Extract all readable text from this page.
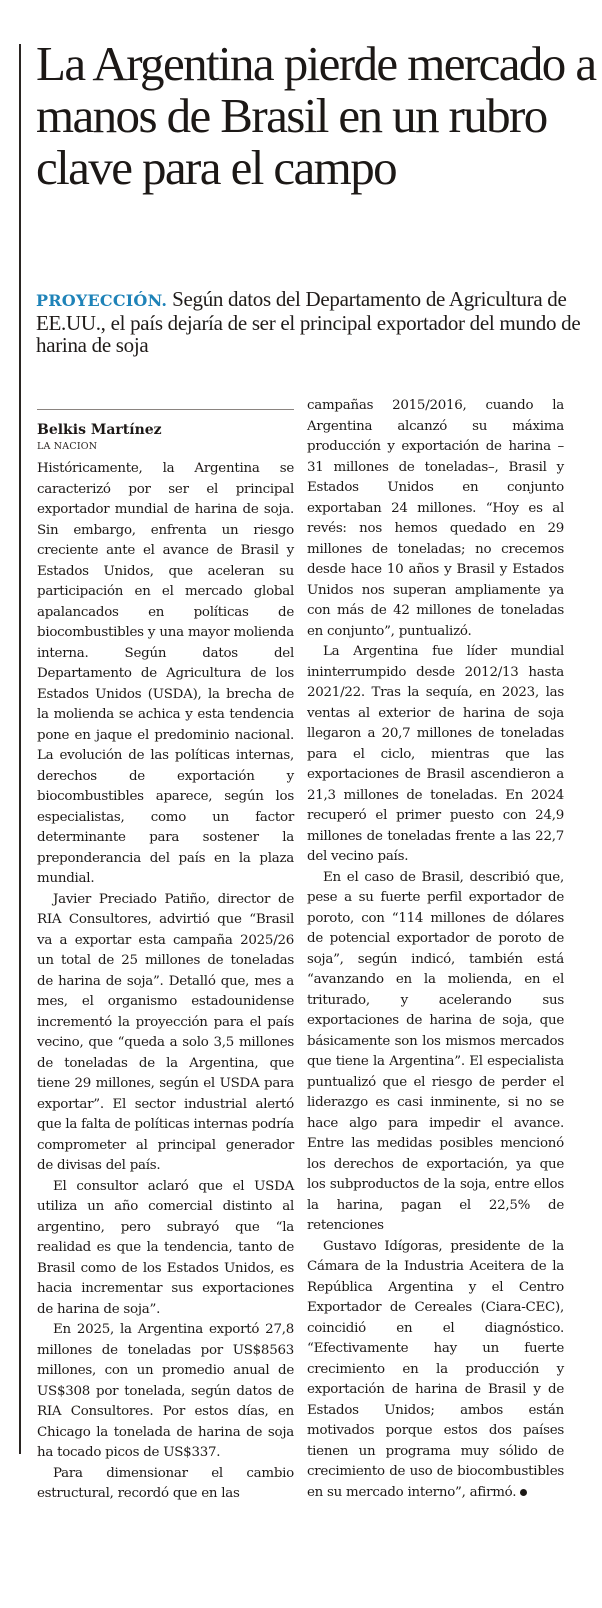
La Argentina pierde mercado a manos de Brasil en un rubro clave para el campo

PROYECCIÓN. Según datos del Departamento de Agricultura de EE.UU., el país dejaría de ser el principal exportador del mundo de harina de soja

Belkis Martínez
LA NACION

Históricamente, la Argentina se caracterizó por ser el principal exportador mundial de harina de soja. Sin embargo, enfrenta un riesgo creciente ante el avance de Brasil y Estados Unidos, que aceleran su participación en el mercado global apalancados en políticas de biocombustibles y una mayor molienda interna. Según datos del Departamento de Agricultura de los Estados Unidos (USDA), la brecha de la molienda se achica y esta tendencia pone en jaque el predominio nacional. La evolución de las políticas internas, derechos de exportación y biocombustibles aparece, según los especialistas, como un factor determinante para sostener la preponderancia del país en la plaza mundial.

Javier Preciado Patiño, director de RIA Consultores, advirtió que “Brasil va a exportar esta campaña 2025/26 un total de 25 millones de toneladas de harina de soja”. Detalló que, mes a mes, el organismo estadounidense incrementó la proyección para el país vecino, que “queda a solo 3,5 millones de toneladas de la Argentina, que tiene 29 millones, según el USDA para exportar”. El sector industrial alertó que la falta de políticas internas podría comprometer al principal generador de divisas del país.

El consultor aclaró que el USDA utiliza un año comercial distinto al argentino, pero subrayó que “la realidad es que la tendencia, tanto de Brasil como de los Estados Unidos, es hacia incrementar sus exportaciones de harina de soja”.

En 2025, la Argentina exportó 27,8 millones de toneladas por US$8563 millones, con un promedio anual de US$308 por tonelada, según datos de RIA Consultores. Por estos días, en Chicago la tonelada de harina de soja ha tocado picos de US$337.

Para dimensionar el cambio estructural, recordó que en las

campañas 2015/2016, cuando la Argentina alcanzó su máxima producción y exportación de harina –31 millones de toneladas–, Brasil y Estados Unidos en conjunto exportaban 24 millones. “Hoy es al revés: nos hemos quedado en 29 millones de toneladas; no crecemos desde hace 10 años y Brasil y Estados Unidos nos superan ampliamente ya con más de 42 millones de toneladas en conjunto”, puntualizó.

La Argentina fue líder mundial ininterrumpido desde 2012/13 hasta 2021/22. Tras la sequía, en 2023, las ventas al exterior de harina de soja llegaron a 20,7 millones de toneladas para el ciclo, mientras que las exportaciones de Brasil ascendieron a 21,3 millones de toneladas. En 2024 recuperó el primer puesto con 24,9 millones de toneladas frente a las 22,7 del vecino país.

En el caso de Brasil, describió que, pese a su fuerte perfil exportador de poroto, con “114 millones de dólares de potencial exportador de poroto de soja”, según indicó, también está “avanzando en la molienda, en el triturado, y acelerando sus exportaciones de harina de soja, que básicamente son los mismos mercados que tiene la Argentina”. El especialista puntualizó que el riesgo de perder el liderazgo es casi inminente, si no se hace algo para impedir el avance. Entre las medidas posibles mencionó los derechos de exportación, ya que los subproductos de la soja, entre ellos la harina, pagan el 22,5% de retenciones

Gustavo Idígoras, presidente de la Cámara de la Industria Aceitera de la República Argentina y el Centro Exportador de Cereales (Ciara-CEC), coincidió en el diagnóstico. “Efectivamente hay un fuerte crecimiento en la producción y exportación de harina de Brasil y de Estados Unidos; ambos están motivados porque estos dos países tienen un programa muy sólido de crecimiento de uso de biocombustibles en su mercado interno”, afirmó.
